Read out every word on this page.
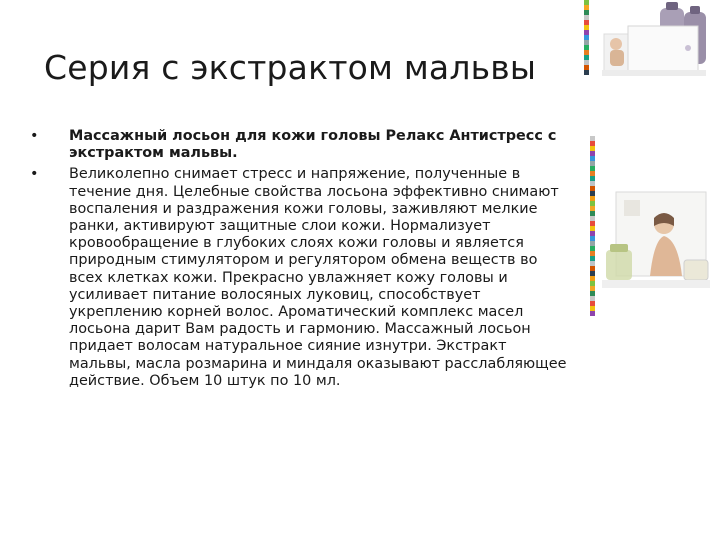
Серия с экстрактом мальвы
• Массажный лосьон для кожи головы Релакс Антистресс с экстрактом мальвы.
• Великолепно снимает стресс и напряжение, полученные в течение дня. Целебные свойства лосьона эффективно снимают воспаления и раздражения кожи головы, заживляют мелкие ранки, активируют защитные слои кожи. Нормализует кровообращение в глубоких слоях кожи головы и является природным стимулятором и регулятором обмена веществ во всех клетках кожи. Прекрасно увлажняет кожу головы и усиливает питание волосяных луковиц, способствует укреплению корней волос. Ароматический комплекс масел лосьона дарит Вам радость и гармонию. Массажный лосьон придает волосам натуральное сияние изнутри. Экстракт мальвы, масла розмарина и миндаля оказывают расслабляющее действие. Объем 10 штук по 10 мл.
